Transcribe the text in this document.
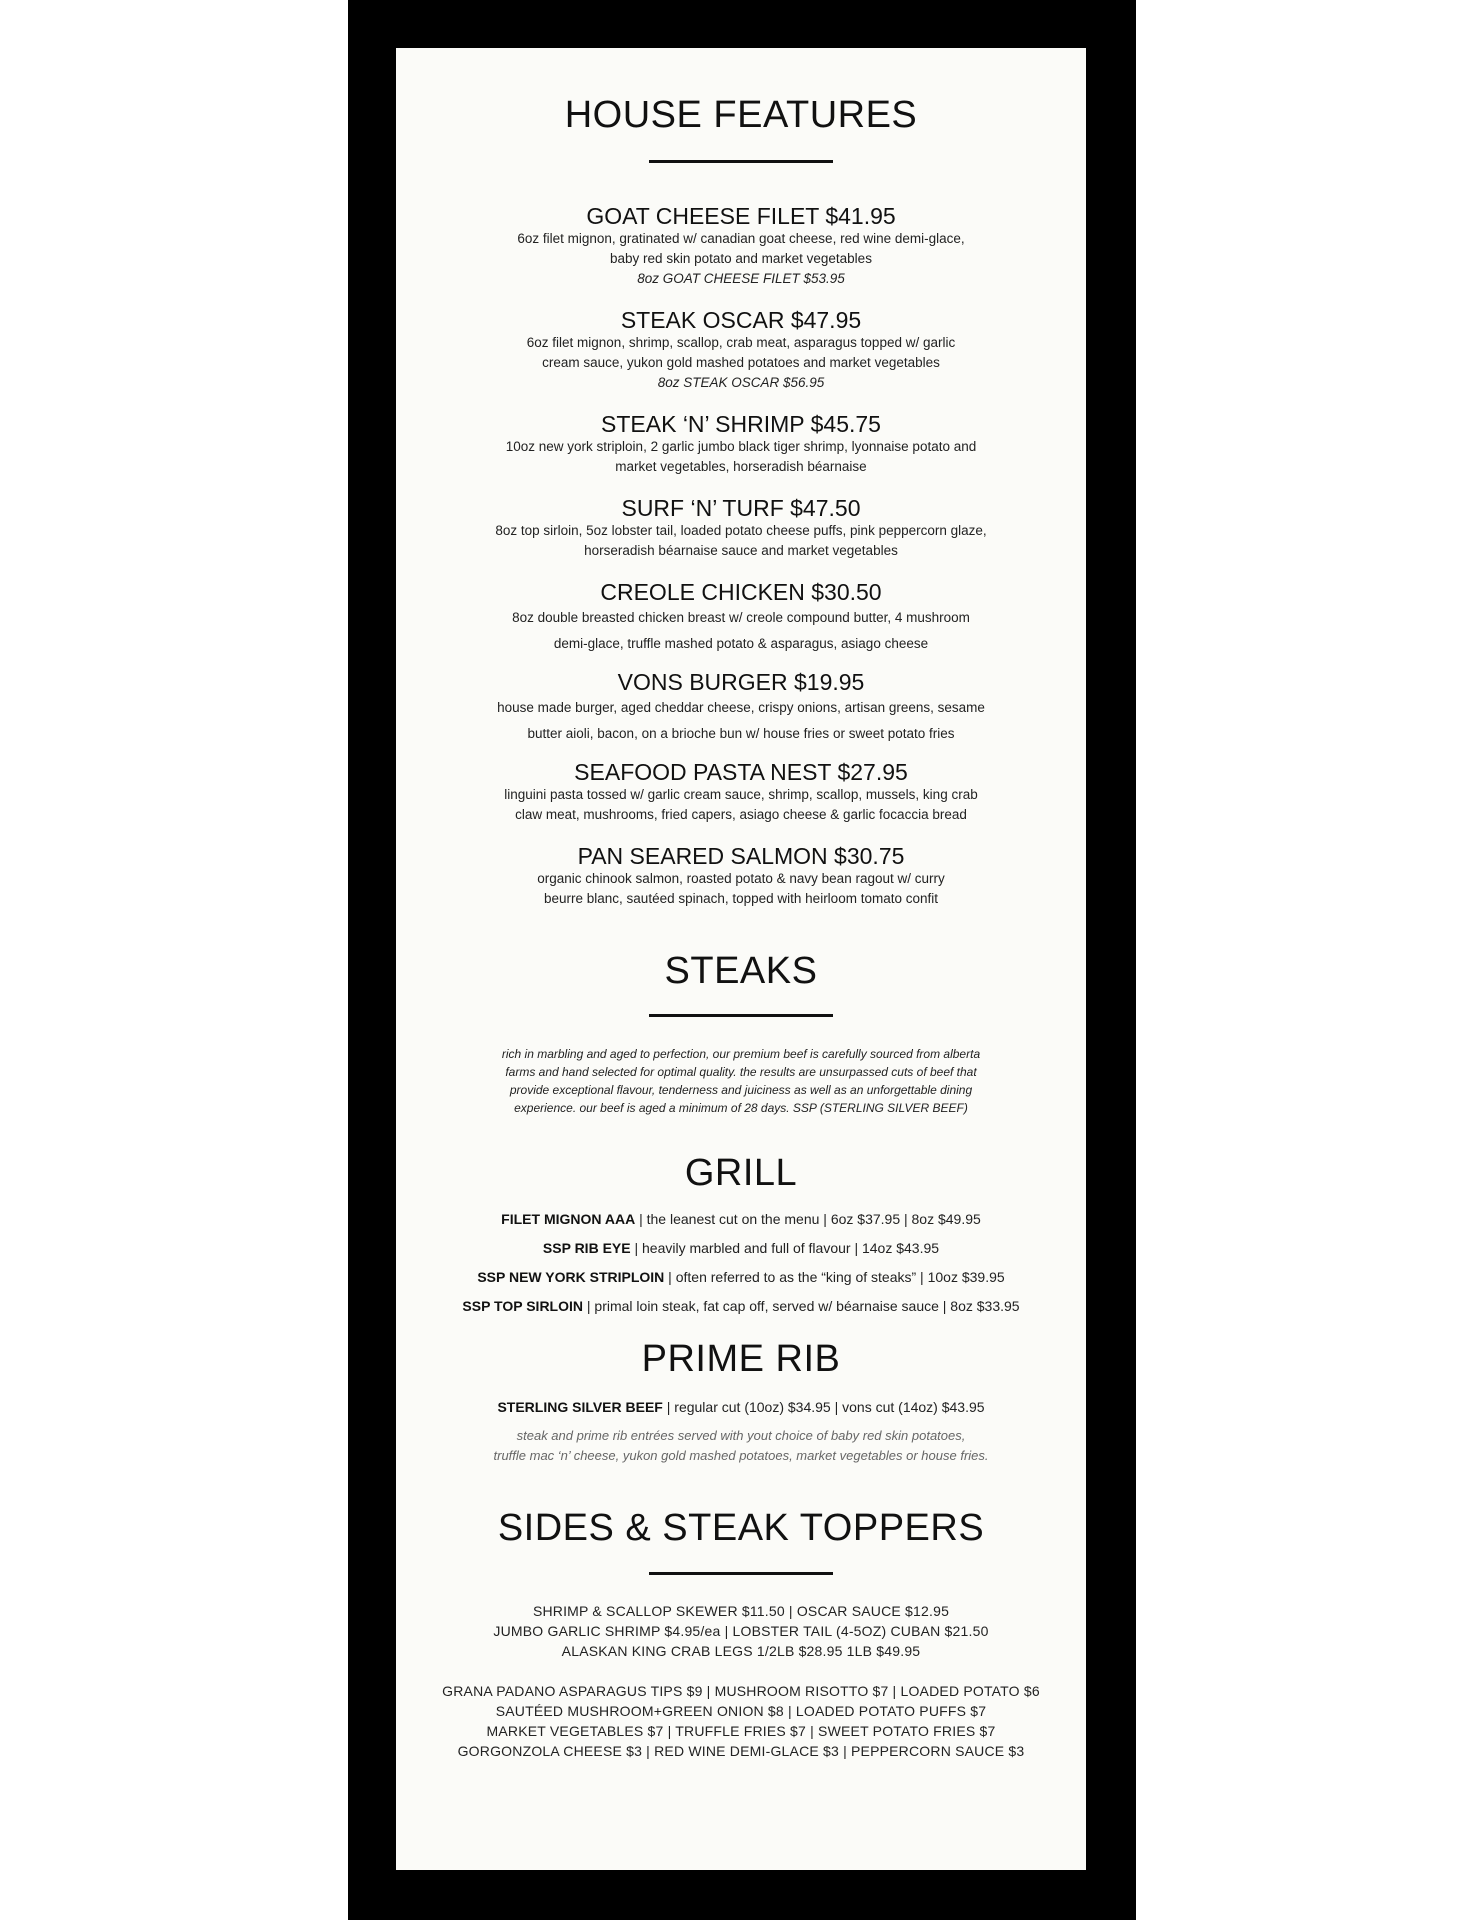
HOUSE FEATURES
GOAT CHEESE FILET $41.95

6oz filet mignon, gratinated w/ canadian goat cheese, red wine demi-glace,

baby red skin potato and market vegetables

8oz GOAT CHEESE FILET $53.95

STEAK OSCAR $47.95

6oz filet mignon, shrimp, scallop, crab meat, asparagus topped w/ garlic

cream sauce, yukon gold mashed potatoes and market vegetables

8oz STEAK OSCAR $56.95

STEAK ‘N’ SHRIMP $45.75

10oz new york striploin, 2 garlic jumbo black tiger shrimp, lyonnaise potato and

market vegetables, horseradish béarnaise

SURF ‘N’ TURF $47.50

8oz top sirloin, 5oz lobster tail, loaded potato cheese puffs, pink peppercorn glaze,

horseradish béarnaise sauce and market vegetables

CREOLE CHICKEN $30.50

8oz double breasted chicken breast w/ creole compound butter, 4 mushroom

demi-glace, truffle mashed potato & asparagus, asiago cheese

VONS BURGER $19.95

house made burger, aged cheddar cheese, crispy onions, artisan greens, sesame

butter aioli, bacon, on a brioche bun w/ house fries or sweet potato fries

SEAFOOD PASTA NEST $27.95

linguini pasta tossed w/ garlic cream sauce, shrimp, scallop, mussels, king crab

claw meat, mushrooms, fried capers, asiago cheese & garlic focaccia bread

PAN SEARED SALMON $30.75

organic chinook salmon, roasted potato & navy bean ragout w/ curry

beurre blanc, sautéed spinach, topped with heirloom tomato confit

STEAKS

rich in marbling and aged to perfection, our premium beef is carefully sourced from alberta

farms and hand selected for optimal quality. the results are unsurpassed cuts of beef that

provide exceptional flavour, tenderness and juiciness as well as an unforgettable dining

experience. our beef is aged a minimum of 28 days. SSP (STERLING SILVER BEEF)

GRILL

FILET MIGNON AAA | the leanest cut on the menu | 6oz $37.95 | 8oz $49.95

SSP RIB EYE | heavily marbled and full of flavour | 14oz $43.95

SSP NEW YORK STRIPLOIN | often referred to as the “king of steaks” | 10oz $39.95

SSP TOP SIRLOIN | primal loin steak, fat cap off, served w/ béarnaise sauce | 8oz $33.95

PRIME RIB

STERLING SILVER BEEF | regular cut (10oz) $34.95 | vons cut (14oz) $43.95

steak and prime rib entrées served with yout choice of baby red skin potatoes,

truffle mac ‘n’ cheese, yukon gold mashed potatoes, market vegetables or house fries.

SIDES & STEAK TOPPERS

SHRIMP & SCALLOP SKEWER $11.50 | OSCAR SAUCE $12.95

JUMBO GARLIC SHRIMP $4.95/ea | LOBSTER TAIL (4-5OZ) CUBAN $21.50

ALASKAN KING CRAB LEGS 1/2LB $28.95 1LB $49.95

GRANA PADANO ASPARAGUS TIPS $9 | MUSHROOM RISOTTO $7 | LOADED POTATO $6

SAUTÉED MUSHROOM+GREEN ONION $8 | LOADED POTATO PUFFS $7

MARKET VEGETABLES $7 | TRUFFLE FRIES $7 | SWEET POTATO FRIES $7

GORGONZOLA CHEESE $3 | RED WINE DEMI-GLACE $3 | PEPPERCORN SAUCE $3
